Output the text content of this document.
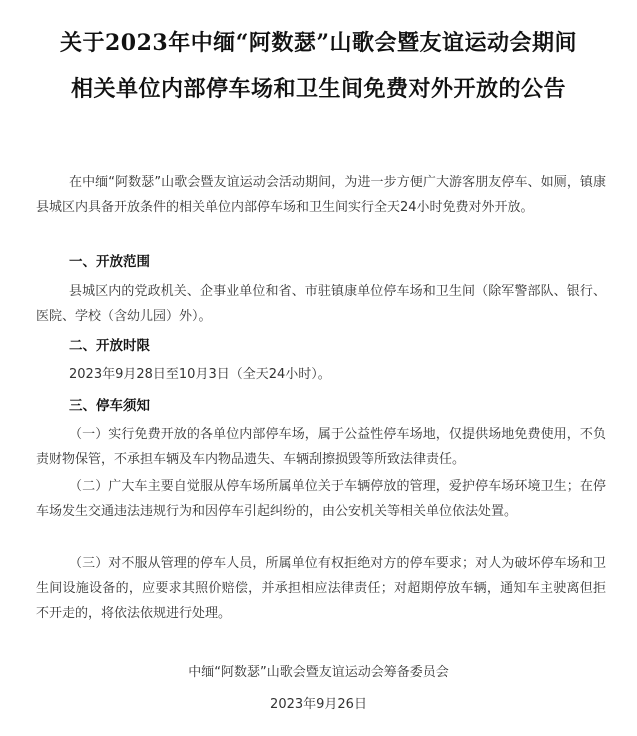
关于2023年中缅“阿数瑟”山歌会暨友谊运动会期间
相关单位内部停车场和卫生间免费对外开放的公告
在中缅“阿数瑟”山歌会暨友谊运动会活动期间，为进一步方便广大游客朋友停车、如厕，镇康县城区内具备开放条件的相关单位内部停车场和卫生间实行全天24小时免费对外开放。
一、开放范围
县城区内的党政机关、企事业单位和省、市驻镇康单位停车场和卫生间（除军警部队、银行、医院、学校（含幼儿园）外）。
二、开放时限
2023年9月28日至10月3日（全天24小时）。
三、停车须知
（一）实行免费开放的各单位内部停车场，属于公益性停车场地，仅提供场地免费使用，不负责财物保管，不承担车辆及车内物品遗失、车辆刮擦损毁等所致法律责任。
（二）广大车主要自觉服从停车场所属单位关于车辆停放的管理，爱护停车场环境卫生；在停车场发生交通违法违规行为和因停车引起纠纷的，由公安机关等相关单位依法处置。
（三）对不服从管理的停车人员，所属单位有权拒绝对方的停车要求；对人为破坏停车场和卫生间设施设备的，应要求其照价赔偿，并承担相应法律责任；对超期停放车辆，通知车主驶离但拒不开走的，将依法依规进行处理。
中缅“阿数瑟”山歌会暨友谊运动会筹备委员会
2023年9月26日
